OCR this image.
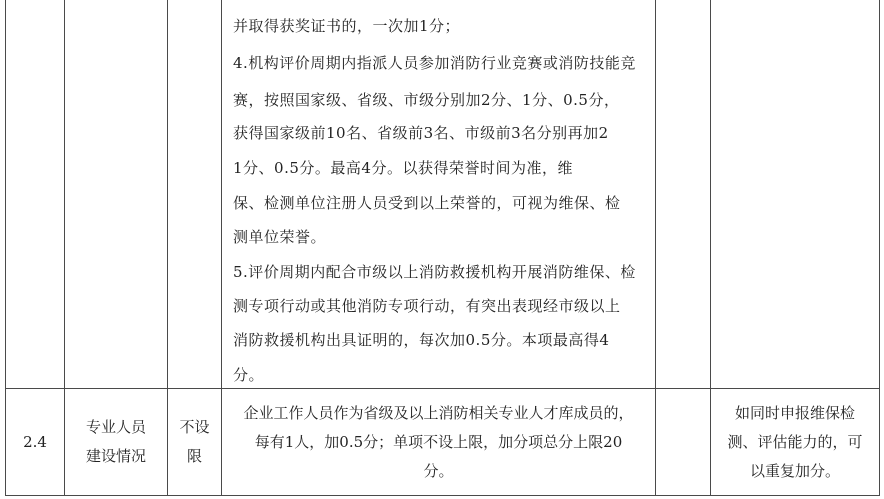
并取得获奖证书的，一次加1分；
4.机构评价周期内指派人员参加消防行业竞赛或消防技能竞
赛，按照国家级、省级、市级分别加2分、1分、0.5分，
获得国家级前10名、省级前3名、市级前3名分别再加2
1分、0.5分。最高4分。以获得荣誉时间为准，维
保、检测单位注册人员受到以上荣誉的，可视为维保、检
测单位荣誉。
5.评价周期内配合市级以上消防救援机构开展消防维保、检
测专项行动或其他消防专项行动，有突出表现经市级以上
消防救援机构出具证明的，每次加0.5分。本项最高得4
分。
2.4
专业人员
建设情况
不设
限
企业工作人员作为省级及以上消防相关专业人才库成员的，
每有1人，加0.5分；单项不设上限，加分项总分上限20
分。
如同时申报维保检
测、评估能力的，可
以重复加分。
